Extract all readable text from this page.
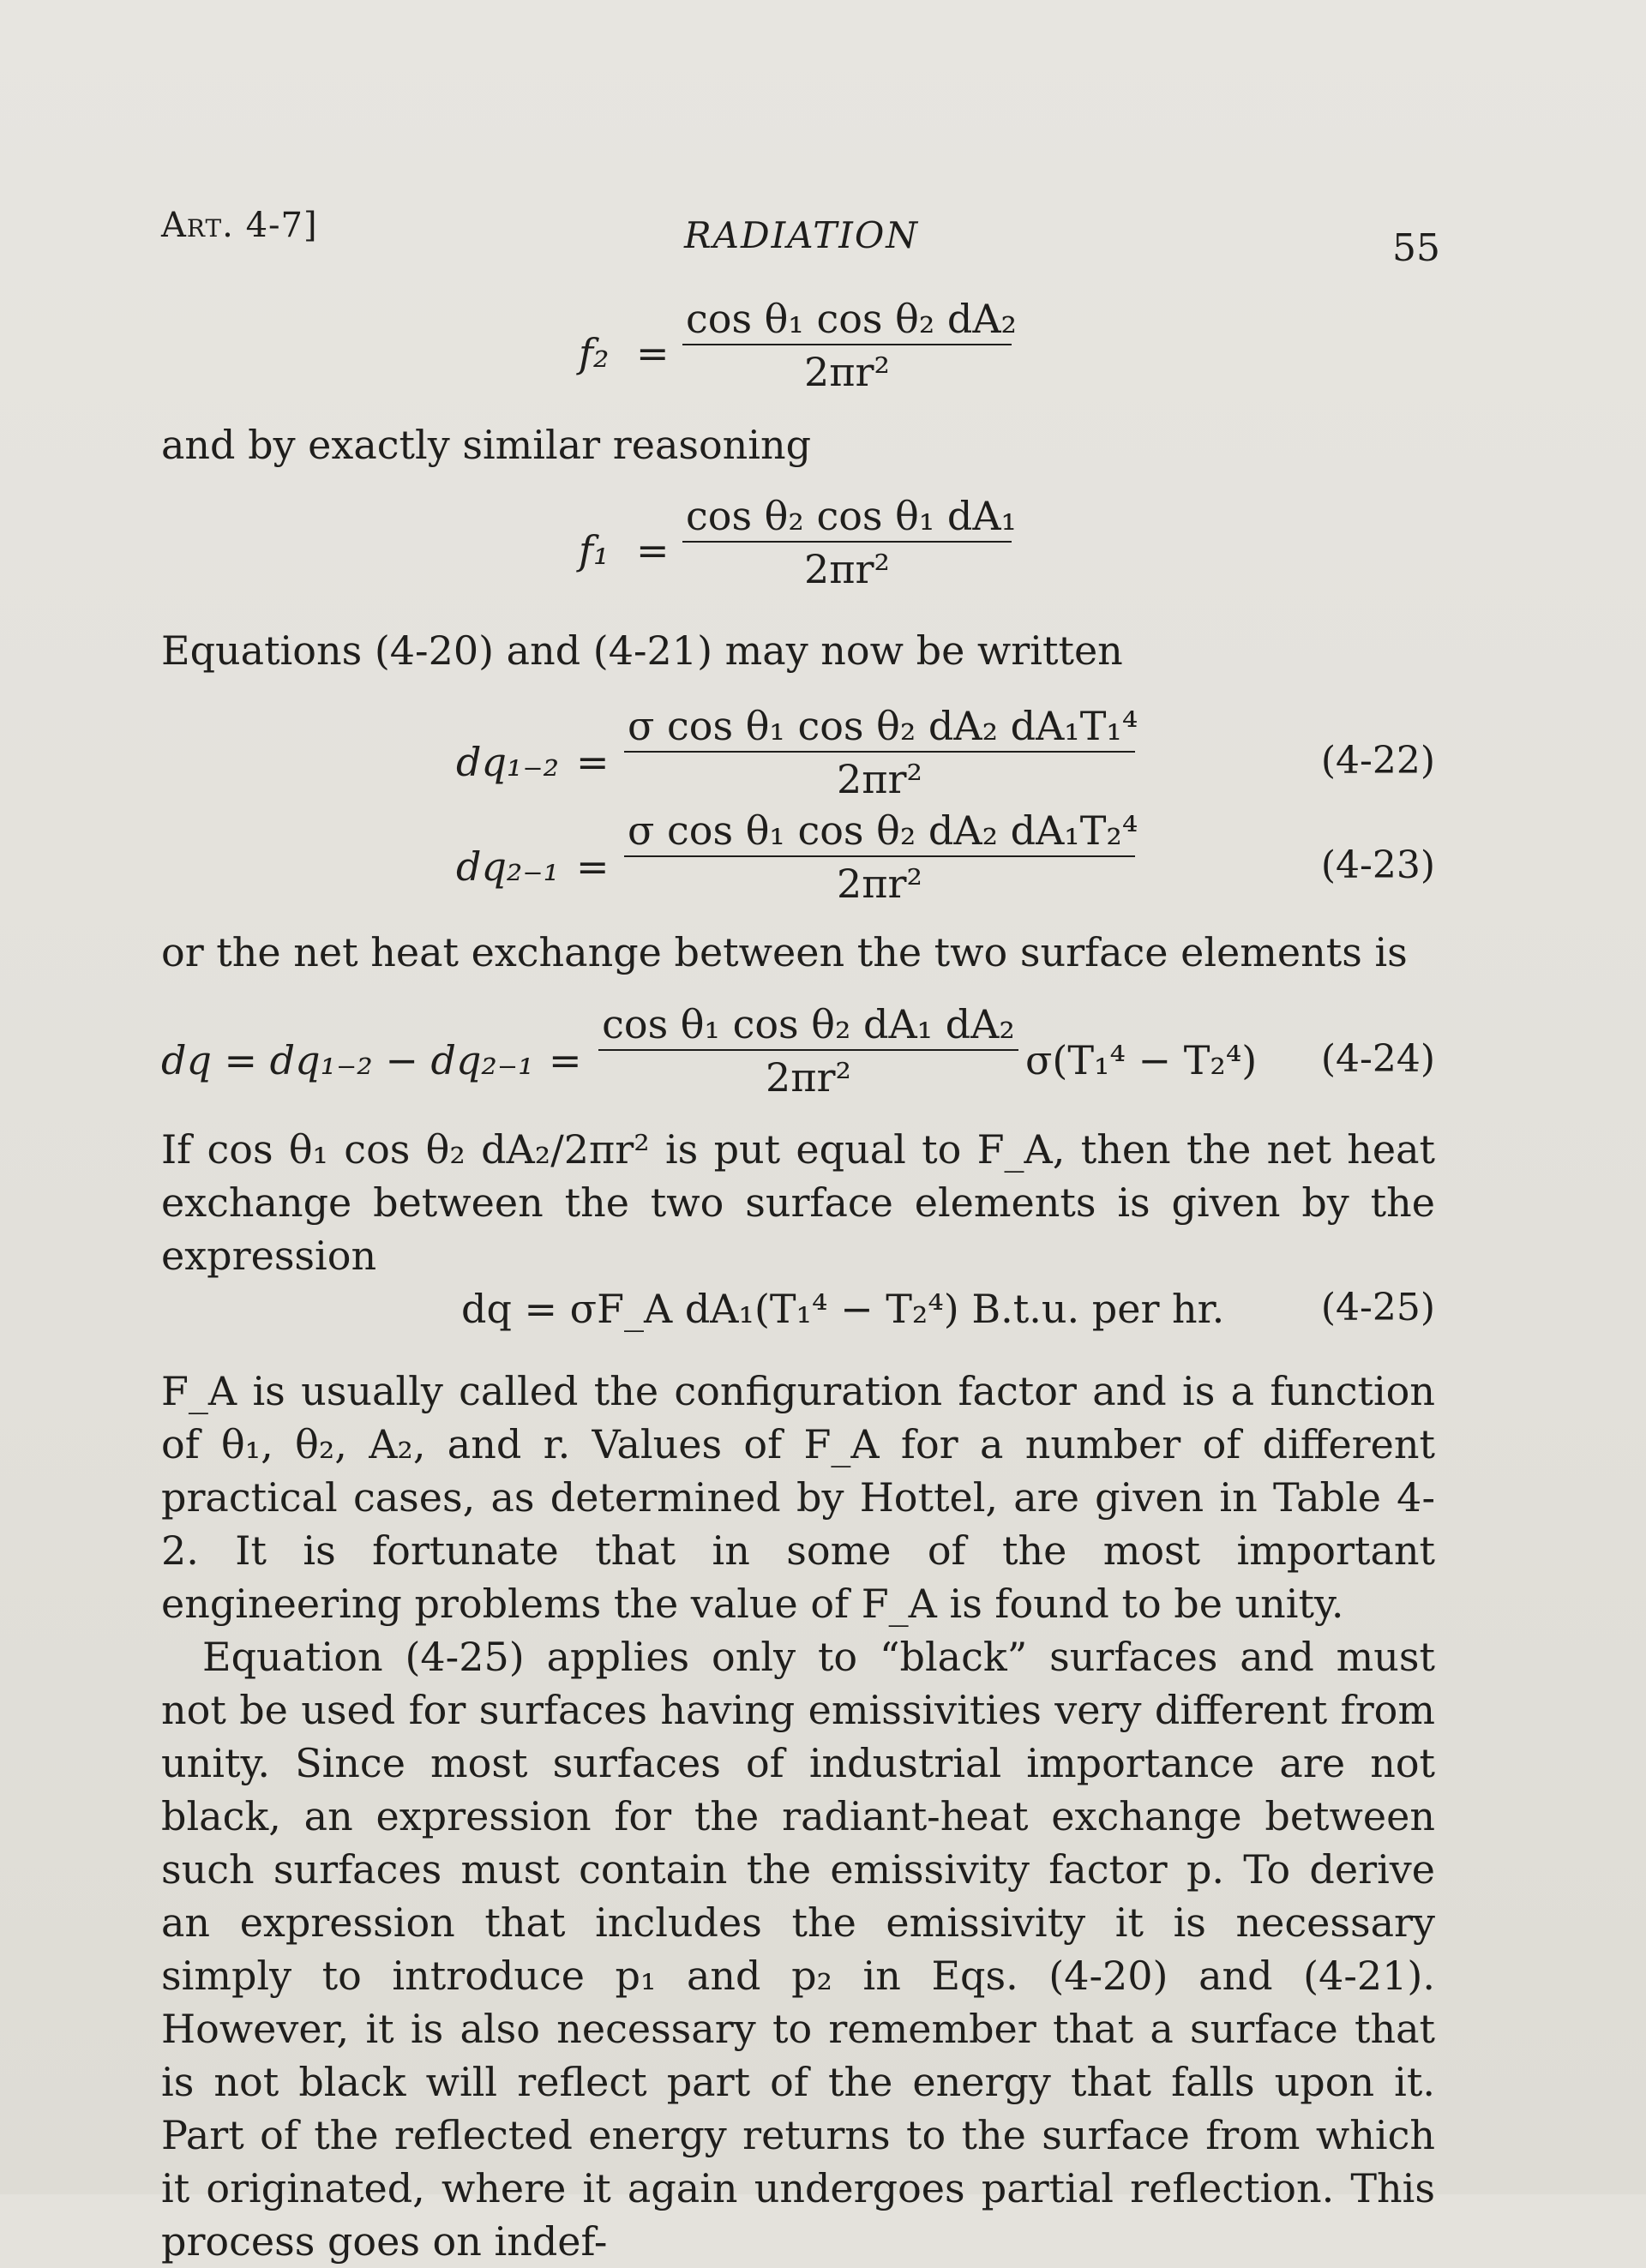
Art. 4-7]	RADIATION	55
$f_2 = \frac{\text{cos θ₁ cos θ₂ dA₂}}{\text{2πr²}}$

and by exactly similar reasoning

$f_1 = \frac{\text{cos θ₂ cos θ₁ dA₁}}{\text{2πr²}}$

Equations (4-20) and (4-21) may now be written

$dq_{1-2} = \frac{\text{σ cos θ₁ cos θ₂ dA₂ dA₁T₁⁴}}{\text{2πr²}}$	(4-22)
$dq_{2-1} = \frac{\text{σ cos θ₁ cos θ₂ dA₂ dA₁T₂⁴}}{\text{2πr²}}$	(4-23)

or the net heat exchange between the two surface elements is

dq = $dq_{1-2} - dq_{2-1} = \frac{\text{cos θ₁ cos θ₂ dA₁ dA₂}}{\text{2πr²}} \sigma(T_1^4 - T_2^4)$ (4-24)

If cos θ₁ cos θ₂ dA₂/2πr² is put equal to F_A, then the net heat exchange between the two surface elements is given by the expression

dq = σF_A dA₁(T₁⁴ − T₂⁴) B.t.u. per hr.	(4-25)

F_A is usually called the configuration factor and is a function of θ₁, θ₂, A₂, and r. Values of F_A for a number of different practical cases, as determined by Hottel, are given in Table 4-2. It is fortunate that in some of the most important engineering problems the value of F_A is found to be unity.

Equation (4-25) applies only to “black” surfaces and must not be used for surfaces having emissivities very different from unity. Since most surfaces of industrial importance are not black, an expression for the radiant-heat exchange between such surfaces must contain the emissivity factor p. To derive an expression that includes the emissivity it is necessary simply to introduce p₁ and p₂ in Eqs. (4-20) and (4-21). However, it is also necessary to remember that a surface that is not black will reflect part of the energy that falls upon it. Part of the reflected energy returns to the surface from which it originated, where it again undergoes partial reflection. This process goes on indef-
